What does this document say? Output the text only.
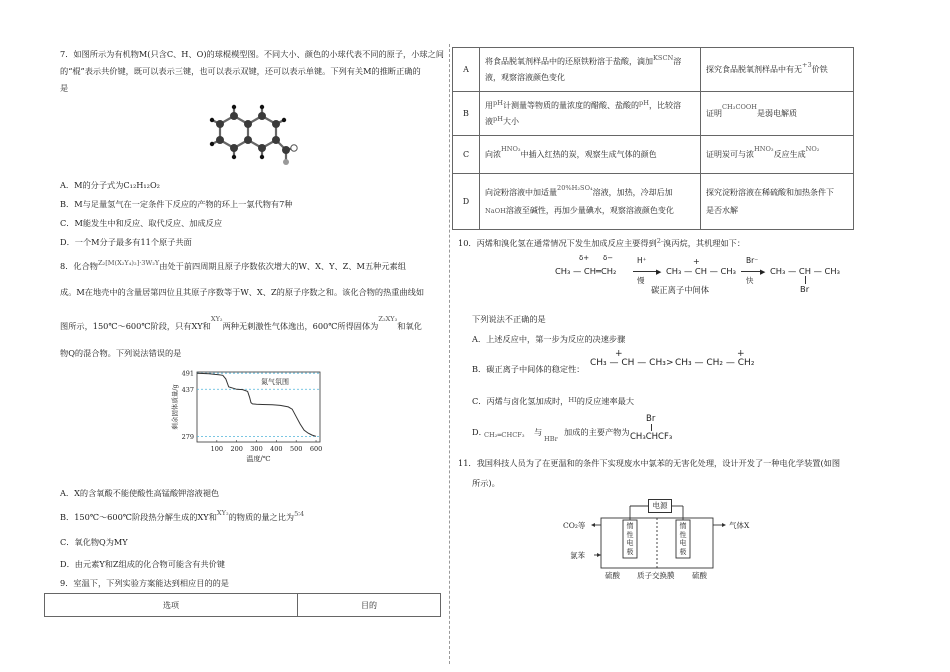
7．如图所示为有机物M(只含C、H、O)的球棍模型图。不同大小、颜色的小球代表不同的原子，小球之间
的“棍”表示共价键，既可以表示三键，也可以表示双键，还可以表示单键。下列有关M的推断正确的
是
A．M的分子式为C₁₂H₁₂O₂
B．M与足量氢气在一定条件下反应的产物的环上一氯代物有7种
C．M能发生中和反应、取代反应、加成反应
D．一个M分子最多有11个原子共面
8．化合物$^{Z_2[M(X_2Y_4)_2]\cdot 3W_2Y}$由处于前四周期且原子序数依次增大的W、X、Y、Z、M五种元素组
成。M在地壳中的含量居第四位且其原子序数等于W、X、Z的原子序数之和。该化合物的热重曲线如
图所示，150℃～600℃阶段，只有XY和$^{XY_2}$两种无刺激性气体逸出，600℃所得固体为$^{Z_2XY_3}$和氧化
物Q的混合物。下列说法错误的是
491
437
279
100 200 300 400 500 600
氮气氛围
温度/℃
剩余固体质量/g
A．X的含氧酸不能使酸性高锰酸钾溶液褪色
B．150℃～600℃阶段热分解生成的XY和$^{XY_2}$的物质的量之比为$^{5∶4}$
C．氧化物Q为MY
D．由元素Y和Z组成的化合物可能含有共价键
9．室温下，下列实验方案能达到相应目的的是
选项	目的
A	将食品脱氧剂样品中的还原铁粉溶于盐酸，滴加$^{KSCN}$溶
液，观察溶液颜色变化	探究食品脱氧剂样品中有无$^{+3}$价铁
B	用$^{pH}$计测量等物质的量浓度的醋酸、盐酸的$^{pH}$，比较溶
液$^{pH}$大小	证明$^{CH_3COOH}$是弱电解质
C	向浓$^{HNO_3}$中插入红热的炭，观察生成气体的颜色	证明炭可与浓$^{HNO_3}$反应生成$^{NO_2}$
D	向淀粉溶液中加适量$^{20\%H_2SO_4}$溶液，加热，冷却后加
NaOH溶液至碱性，再加少量碘水，观察溶液颜色变化	探究淀粉溶液在稀硫酸和加热条件下
是否水解
10．丙烯和溴化氢在通常情况下发生加成反应主要得到$^{2-}$溴丙烷，其机理如下：
δ+ δ−
CH₃ — CH═CH₂
H⁺
▶
慢
+
CH₃ — CH — CH₃
Br⁻
▶
快
CH₃ — CH — CH₃
Br
碳正离子中间体
下列说法不正确的是
A．上述反应中，第一步为反应的决速步骤
B．碳正离子中间体的稳定性：
+
CH₃ — CH — CH₃ >
+
CH₃ — CH₂ — CH₂
C．丙烯与卤化氢加成时，$^{HI}$的反应速率最大
D．
CH₂═CHCF₃ 与
HBr
加成的主要产物为
Br
CH₃CHCF₃
11．我国科技人员为了在更温和的条件下实现废水中氯苯的无害化处理，设计开发了一种电化学装置(如图
所示)。
电源
CO₂等
氯苯
气体X
惰性电极
惰性电极
硫酸 质子交换膜 硫酸
